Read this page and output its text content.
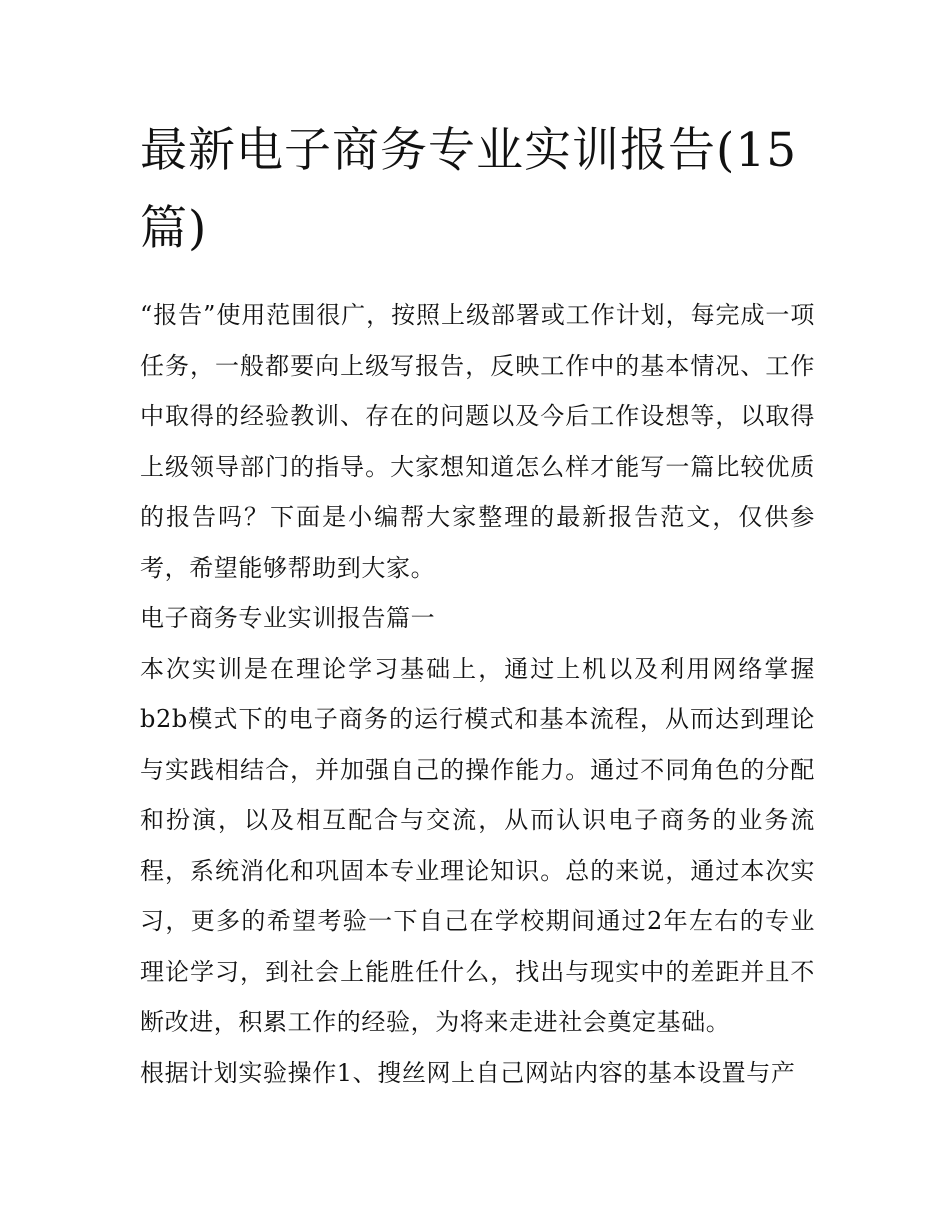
最新电子商务专业实训报告(15篇)

“报告”使用范围很广，按照上级部署或工作计划，每完成一项任务，一般都要向上级写报告，反映工作中的基本情况、工作中取得的经验教训、存在的问题以及今后工作设想等，以取得上级领导部门的指导。大家想知道怎么样才能写一篇比较优质的报告吗？下面是小编帮大家整理的最新报告范文，仅供参考，希望能够帮助到大家。

电子商务专业实训报告篇一

本次实训是在理论学习基础上，通过上机以及利用网络掌握b2b模式下的电子商务的运行模式和基本流程，从而达到理论与实践相结合，并加强自己的操作能力。通过不同角色的分配和扮演，以及相互配合与交流，从而认识电子商务的业务流程，系统消化和巩固本专业理论知识。总的来说，通过本次实习，更多的希望考验一下自己在学校期间通过2年左右的专业理论学习，到社会上能胜任什么，找出与现实中的差距并且不断改进，积累工作的经验，为将来走进社会奠定基础。

根据计划实验操作1、搜丝网上自己网站内容的基本设置与产
